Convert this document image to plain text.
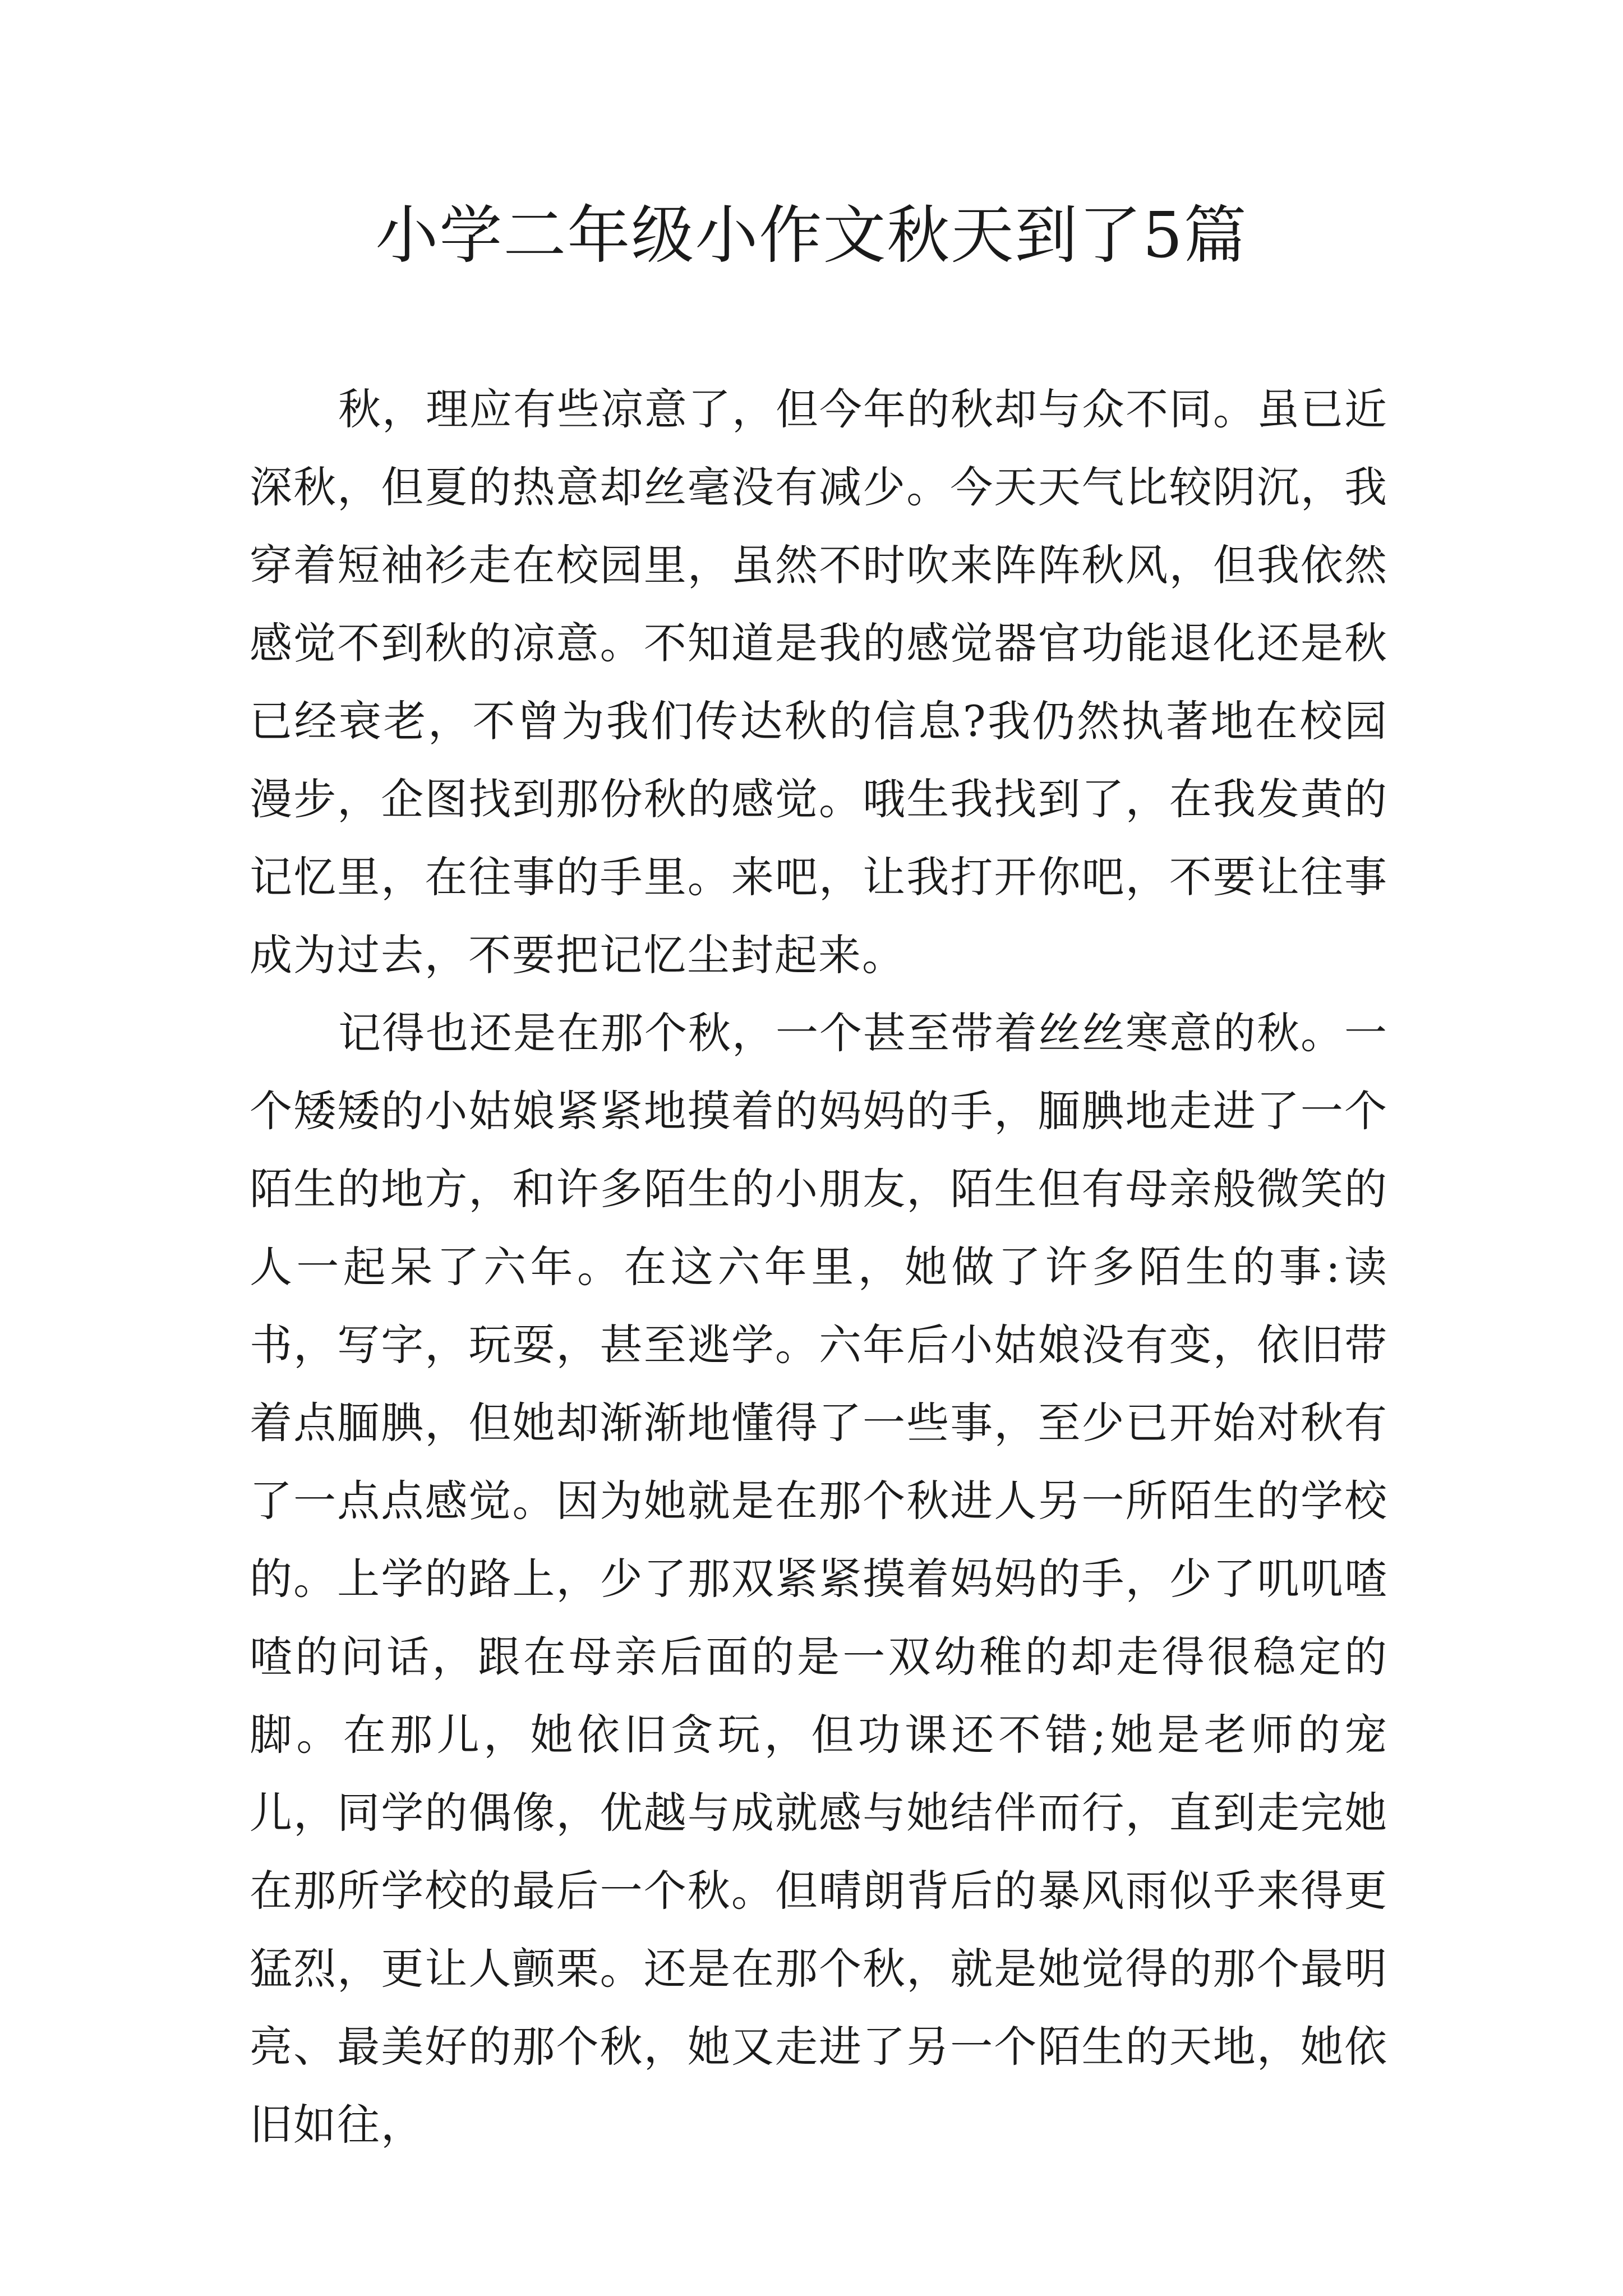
小学二年级小作文秋天到了5篇

秋，理应有些凉意了，但今年的秋却与众不同。虽已近深秋，但夏的热意却丝毫没有减少。今天天气比较阴沉，我穿着短袖衫走在校园里，虽然不时吹来阵阵秋风，但我依然感觉不到秋的凉意。不知道是我的感觉器官功能退化还是秋已经衰老，不曾为我们传达秋的信息?我仍然执著地在校园漫步，企图找到那份秋的感觉。哦生我找到了，在我发黄的记忆里，在往事的手里。来吧，让我打开你吧，不要让往事成为过去，不要把记忆尘封起来。

记得也还是在那个秋，一个甚至带着丝丝寒意的秋。一个矮矮的小姑娘紧紧地摸着的妈妈的手，腼腆地走进了一个陌生的地方，和许多陌生的小朋友，陌生但有母亲般微笑的人一起呆了六年。在这六年里，她做了许多陌生的事:读书，写字，玩耍，甚至逃学。六年后小姑娘没有变，依旧带着点腼腆，但她却渐渐地懂得了一些事，至少已开始对秋有了一点点感觉。因为她就是在那个秋进人另一所陌生的学校的。上学的路上，少了那双紧紧摸着妈妈的手，少了叽叽喳喳的问话，跟在母亲后面的是一双幼稚的却走得很稳定的脚。在那儿，她依旧贪玩，但功课还不错;她是老师的宠儿，同学的偶像，优越与成就感与她结伴而行，直到走完她在那所学校的最后一个秋。但晴朗背后的暴风雨似乎来得更猛烈，更让人颤栗。还是在那个秋，就是她觉得的那个最明亮、最美好的那个秋，她又走进了另一个陌生的天地，她依旧如往，
